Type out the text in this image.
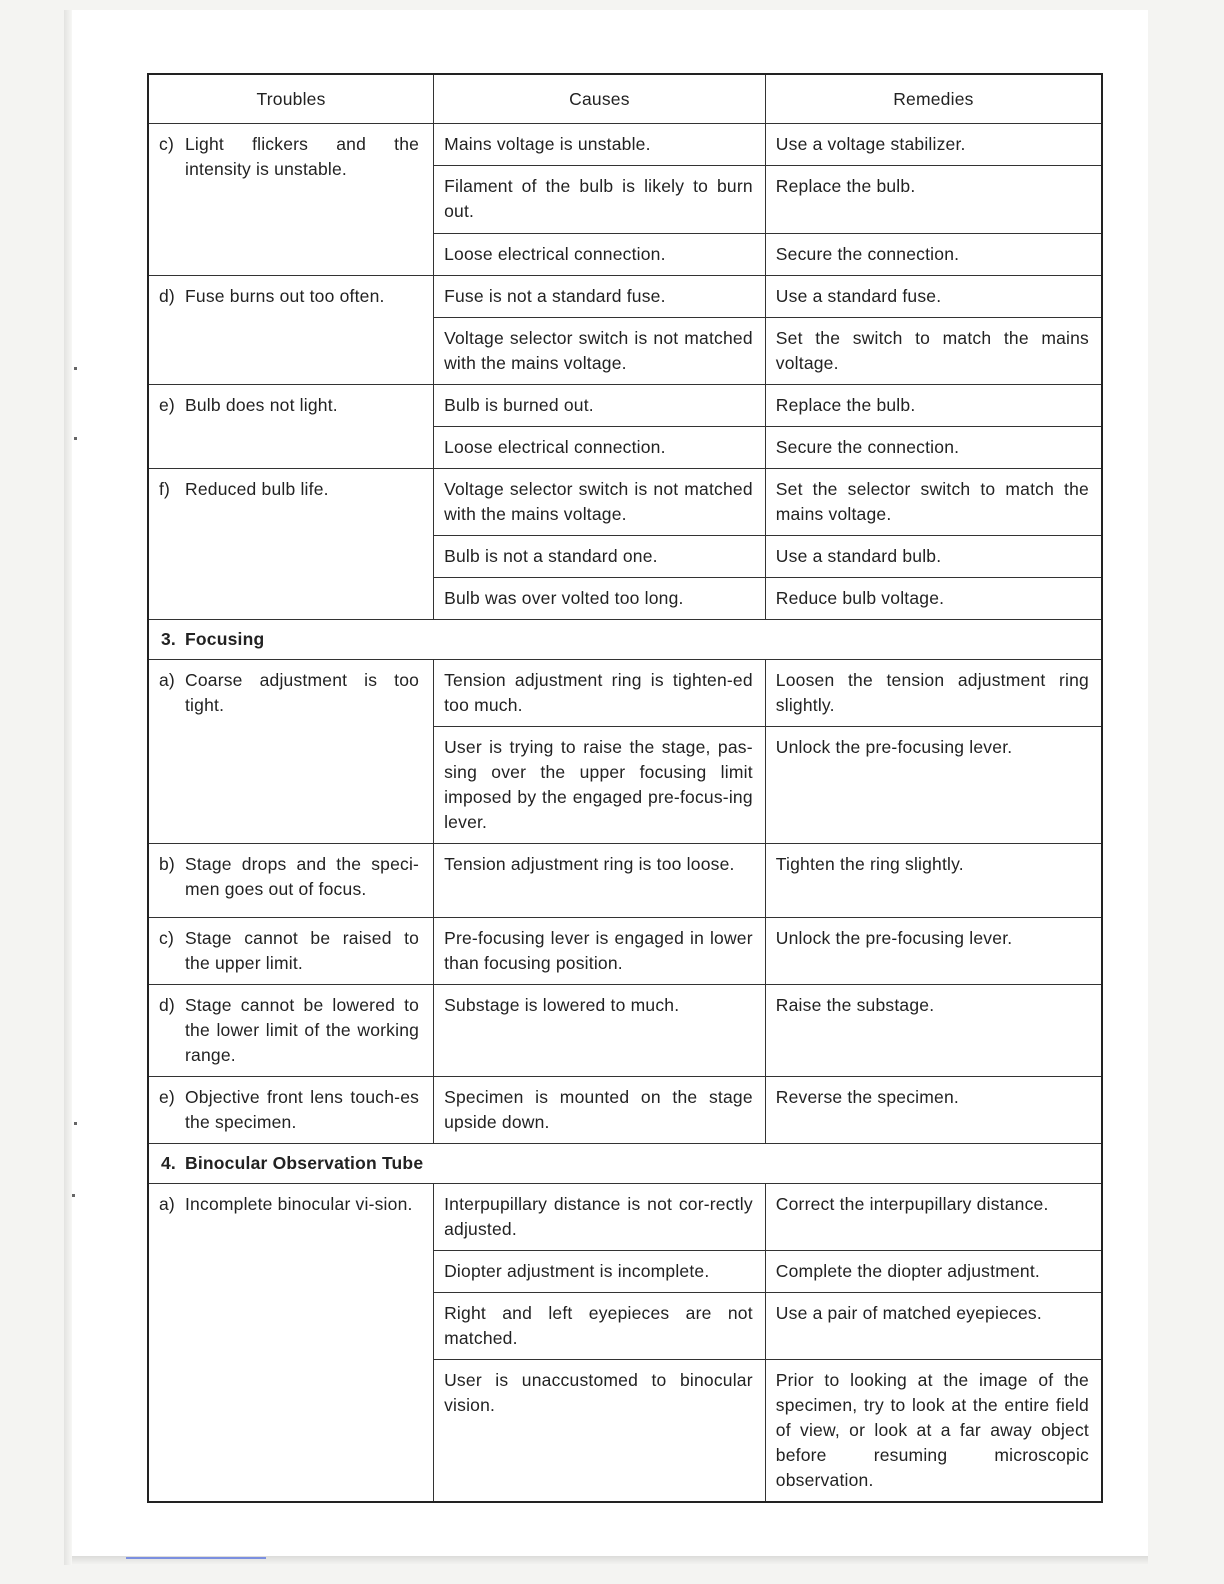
Troubles	Causes	Remedies

c) Light flickers and the intensity is unstable.	Mains voltage is unstable.	Use a voltage stabilizer.
	Filament of the bulb is likely to burn out.	Replace the bulb.
	Loose electrical connection.	Secure the connection.

d) Fuse burns out too often.	Fuse is not a standard fuse.	Use a standard fuse.
	Voltage selector switch is not matched with the mains voltage.	Set the switch to match the mains voltage.

e) Bulb does not light.	Bulb is burned out.	Replace the bulb.
	Loose electrical connection.	Secure the connection.

f) Reduced bulb life.	Voltage selector switch is not matched with the mains voltage.	Set the selector switch to match the mains voltage.
	Bulb is not a standard one.	Use a standard bulb.
	Bulb was over volted too long.	Reduce bulb voltage.
3. Focusing		

a) Coarse adjustment is too tight.	Tension adjustment ring is tighten-ed too much.	Loosen the tension adjustment ring slightly.
	User is trying to raise the stage, pas-sing over the upper focusing limit imposed by the engaged pre-focus-ing lever.	Unlock the pre-focusing lever.

b) Stage drops and the speci-men goes out of focus.	Tension adjustment ring is too loose.	Tighten the ring slightly.

c) Stage cannot be raised to the upper limit.	Pre-focusing lever is engaged in lower than focusing position.	Unlock the pre-focusing lever.

d) Stage cannot be lowered to the lower limit of the working range.	Substage is lowered to much.	Raise the substage.

e) Objective front lens touch-es the specimen.	Specimen is mounted on the stage upside down.	Reverse the specimen.
4. Binocular Observation Tube		

a) Incomplete binocular vi-sion.	Interpupillary distance is not cor-rectly adjusted.	Correct the interpupillary distance.
	Diopter adjustment is incomplete.	Complete the diopter adjustment.
	Right and left eyepieces are not matched.	Use a pair of matched eyepieces.
	User is unaccustomed to binocular vision.	Prior to looking at the image of the specimen, try to look at the entire field of view, or look at a far away object before resuming microscopic observation.
